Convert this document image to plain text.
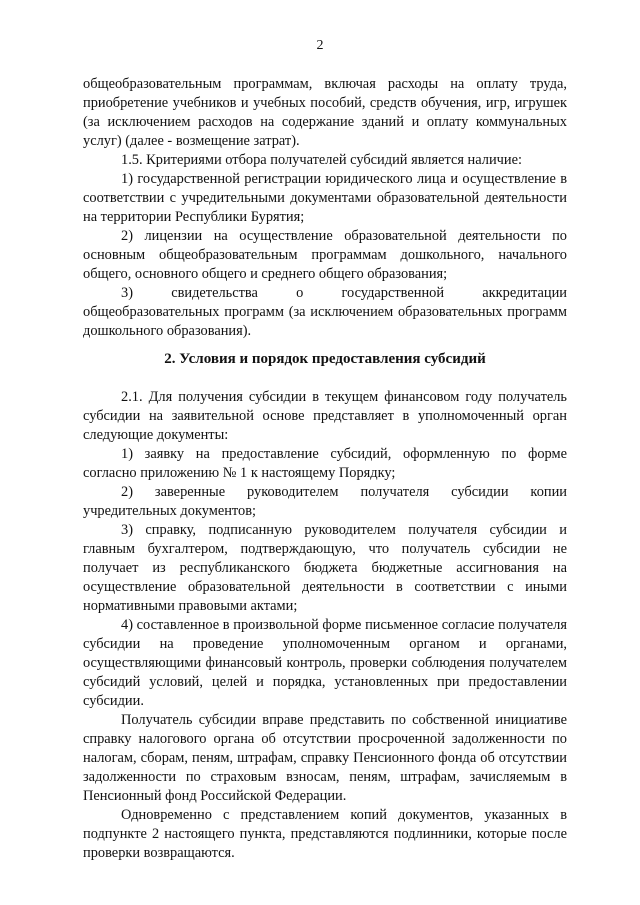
2

общеобразовательным программам, включая расходы на оплату труда, приобретение учебников и учебных пособий, средств обучения, игр, игрушек (за исключением расходов на содержание зданий и оплату коммунальных услуг) (далее - возмещение затрат).

1.5. Критериями отбора получателей субсидий является наличие:

1) государственной регистрации юридического лица и осуществление в соответствии с учредительными документами образовательной деятельности на территории Республики Бурятия;

2) лицензии на осуществление образовательной деятельности по основным общеобразовательным программам дошкольного, начального общего, основного общего и среднего общего образования;

3) свидетельства о государственной аккредитации общеобразовательных программ (за исключением образовательных программ дошкольного образования).

2. Условия и порядок предоставления субсидий

2.1. Для получения субсидии в текущем финансовом году получатель субсидии на заявительной основе представляет в уполномоченный орган следующие документы:

1) заявку на предоставление субсидий, оформленную по форме согласно приложению № 1 к настоящему Порядку;

2) заверенные руководителем получателя субсидии копии учредительных документов;

3) справку, подписанную руководителем получателя субсидии и главным бухгалтером, подтверждающую, что получатель субсидии не получает из республиканского бюджета бюджетные ассигнования на осуществление образовательной деятельности в соответствии с иными нормативными правовыми актами;

4) составленное в произвольной форме письменное согласие получателя субсидии на проведение уполномоченным органом и органами, осуществляющими финансовый контроль, проверки соблюдения получателем субсидий условий, целей и порядка, установленных при предоставлении субсидии.

Получатель субсидии вправе представить по собственной инициативе справку налогового органа об отсутствии просроченной задолженности по налогам, сборам, пеням, штрафам, справку Пенсионного фонда об отсутствии задолженности по страховым взносам, пеням, штрафам, зачисляемым в Пенсионный фонд Российской Федерации.

Одновременно с представлением копий документов, указанных в подпункте 2 настоящего пункта, представляются подлинники, которые после проверки возвращаются.
